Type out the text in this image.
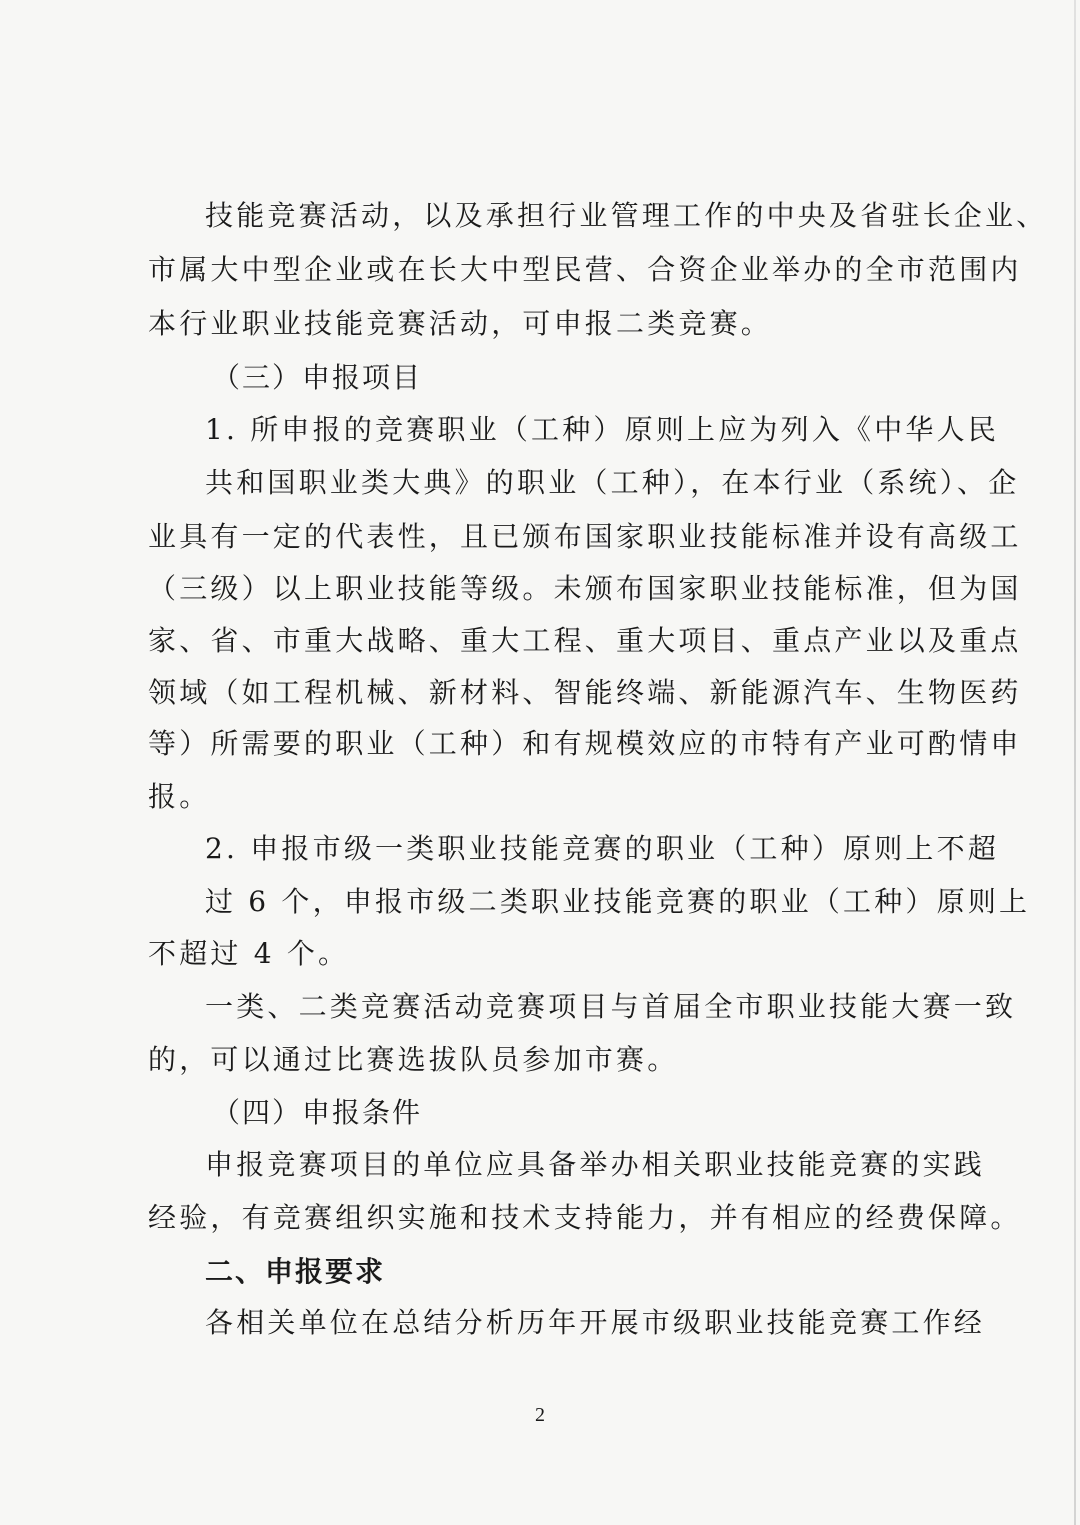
技能竞赛活动，以及承担行业管理工作的中央及省驻长企业、
市属大中型企业或在长大中型民营、合资企业举办的全市范围内
本行业职业技能竞赛活动，可申报二类竞赛。
（三）申报项目
1. 所申报的竞赛职业（工种）原则上应为列入《中华人民
共和国职业类大典》的职业（工种），在本行业（系统）、企
业具有一定的代表性，且已颁布国家职业技能标准并设有高级工
（三级）以上职业技能等级。未颁布国家职业技能标准，但为国
家、省、市重大战略、重大工程、重大项目、重点产业以及重点
领域（如工程机械、新材料、智能终端、新能源汽车、生物医药
等）所需要的职业（工种）和有规模效应的市特有产业可酌情申
报。
2. 申报市级一类职业技能竞赛的职业（工种）原则上不超
过 6 个，申报市级二类职业技能竞赛的职业（工种）原则上
不超过 4 个。
一类、二类竞赛活动竞赛项目与首届全市职业技能大赛一致
的，可以通过比赛选拔队员参加市赛。
（四）申报条件
申报竞赛项目的单位应具备举办相关职业技能竞赛的实践
经验，有竞赛组织实施和技术支持能力，并有相应的经费保障。
二、申报要求
各相关单位在总结分析历年开展市级职业技能竞赛工作经
2
